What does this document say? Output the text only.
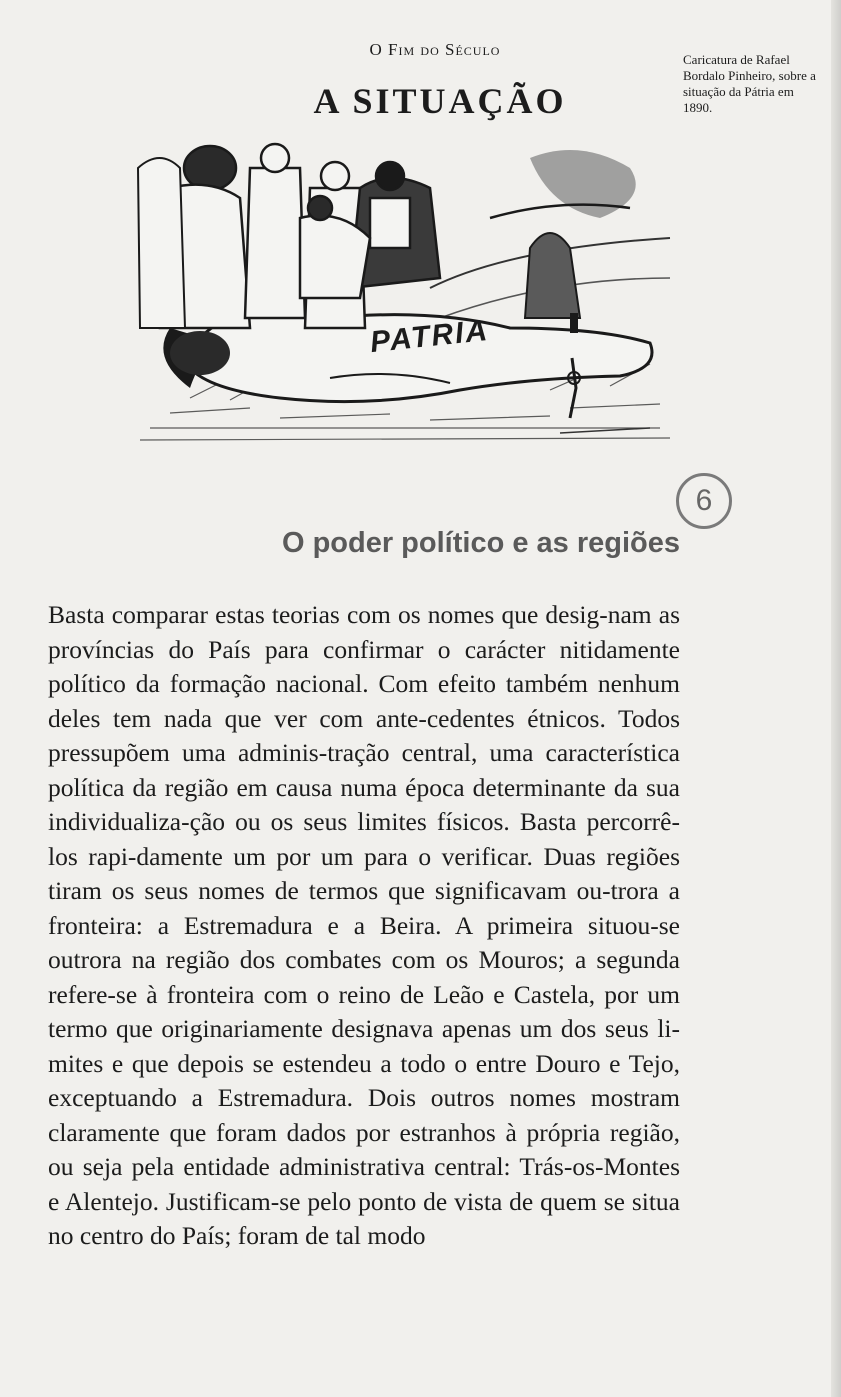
O Fim do Século
A SITUAÇÃO
PATRIA
Caricatura de Rafael Bordalo Pinheiro, sobre a situação da Pátria em 1890.
6
O poder político e as regiões

Basta comparar estas teorias com os nomes que desig-nam as províncias do País para confirmar o carácter nitidamente político da formação nacional. Com efeito também nenhum deles tem nada que ver com ante-cedentes étnicos. Todos pressupõem uma adminis-tração central, uma característica política da região em causa numa época determinante da sua individualiza-ção ou os seus limites físicos. Basta percorrê-los rapi-damente um por um para o verificar. Duas regiões tiram os seus nomes de termos que significavam ou-trora a fronteira: a Estremadura e a Beira. A primeira situou-se outrora na região dos combates com os Mouros; a segunda refere-se à fronteira com o reino de Leão e Castela, por um termo que originariamente designava apenas um dos seus li-mites e que depois se estendeu a todo o entre Douro e Tejo, exceptuando a Estremadura. Dois outros nomes mostram claramente que foram dados por estranhos à própria região, ou seja pela entidade administrativa central: Trás-os-Montes e Alentejo. Justificam-se pelo ponto de vista de quem se situa no centro do País; foram de tal modo
